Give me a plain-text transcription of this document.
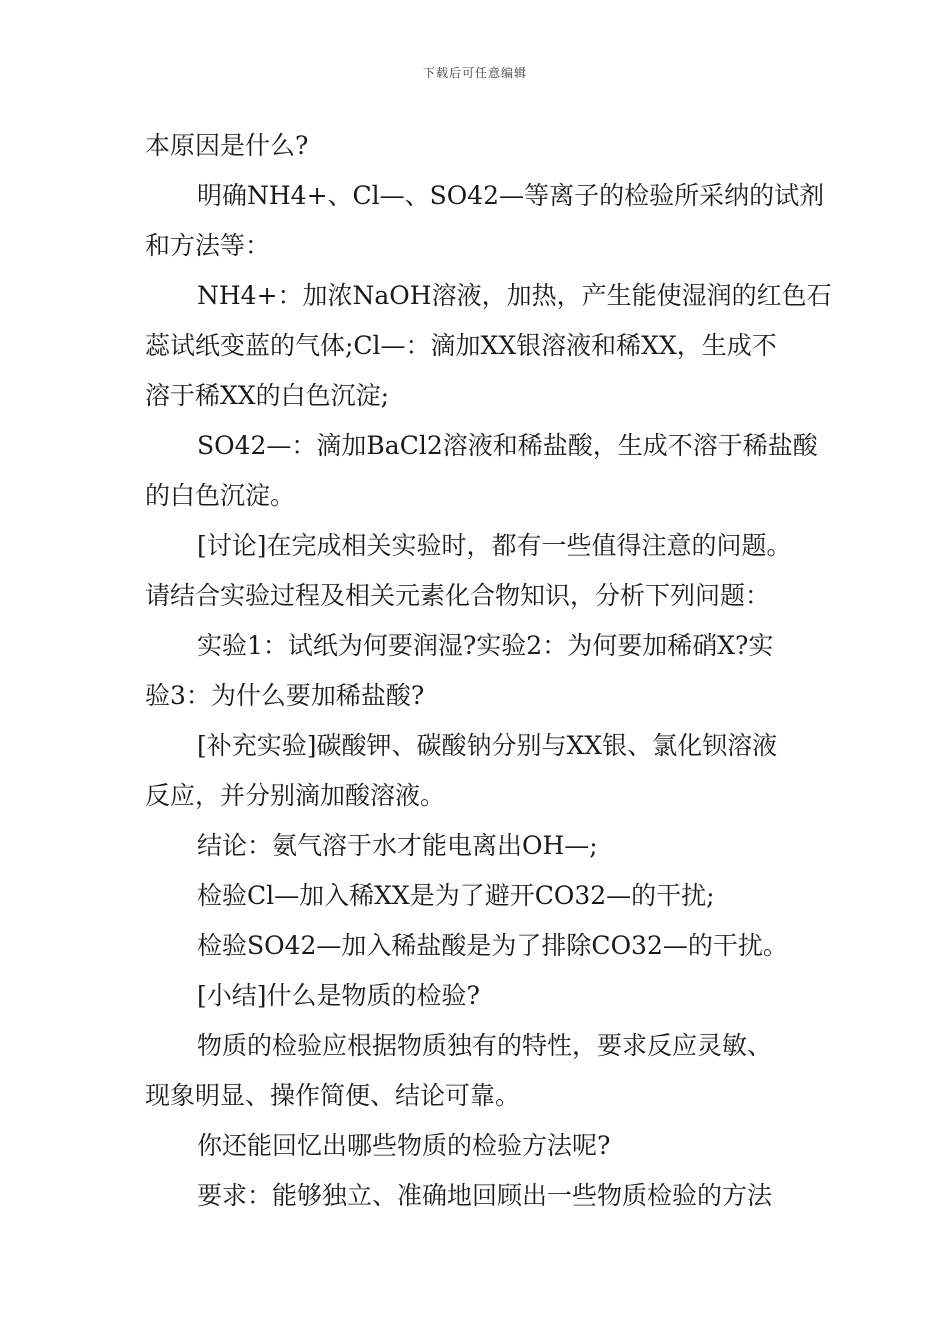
下载后可任意编辑
本原因是什么?
明确NH4+、Cl—、SO42—等离子的检验所采纳的试剂
和方法等：
NH4+：加浓NaOH溶液，加热，产生能使湿润的红色石
蕊试纸变蓝的气体;Cl—：滴加XX银溶液和稀XX，生成不
溶于稀XX的白色沉淀;
SO42—：滴加BaCl2溶液和稀盐酸，生成不溶于稀盐酸
的白色沉淀。
[讨论]在完成相关实验时，都有一些值得注意的问题。
请结合实验过程及相关元素化合物知识，分析下列问题：
实验1：试纸为何要润湿?实验2：为何要加稀硝X?实
验3：为什么要加稀盐酸?
[补充实验]碳酸钾、碳酸钠分别与XX银、氯化钡溶液
反应，并分别滴加酸溶液。
结论：氨气溶于水才能电离出OH—;
检验Cl—加入稀XX是为了避开CO32—的干扰;
检验SO42—加入稀盐酸是为了排除CO32—的干扰。
[小结]什么是物质的检验?
物质的检验应根据物质独有的特性，要求反应灵敏、
现象明显、操作简便、结论可靠。
你还能回忆出哪些物质的检验方法呢?
要求：能够独立、准确地回顾出一些物质检验的方法
